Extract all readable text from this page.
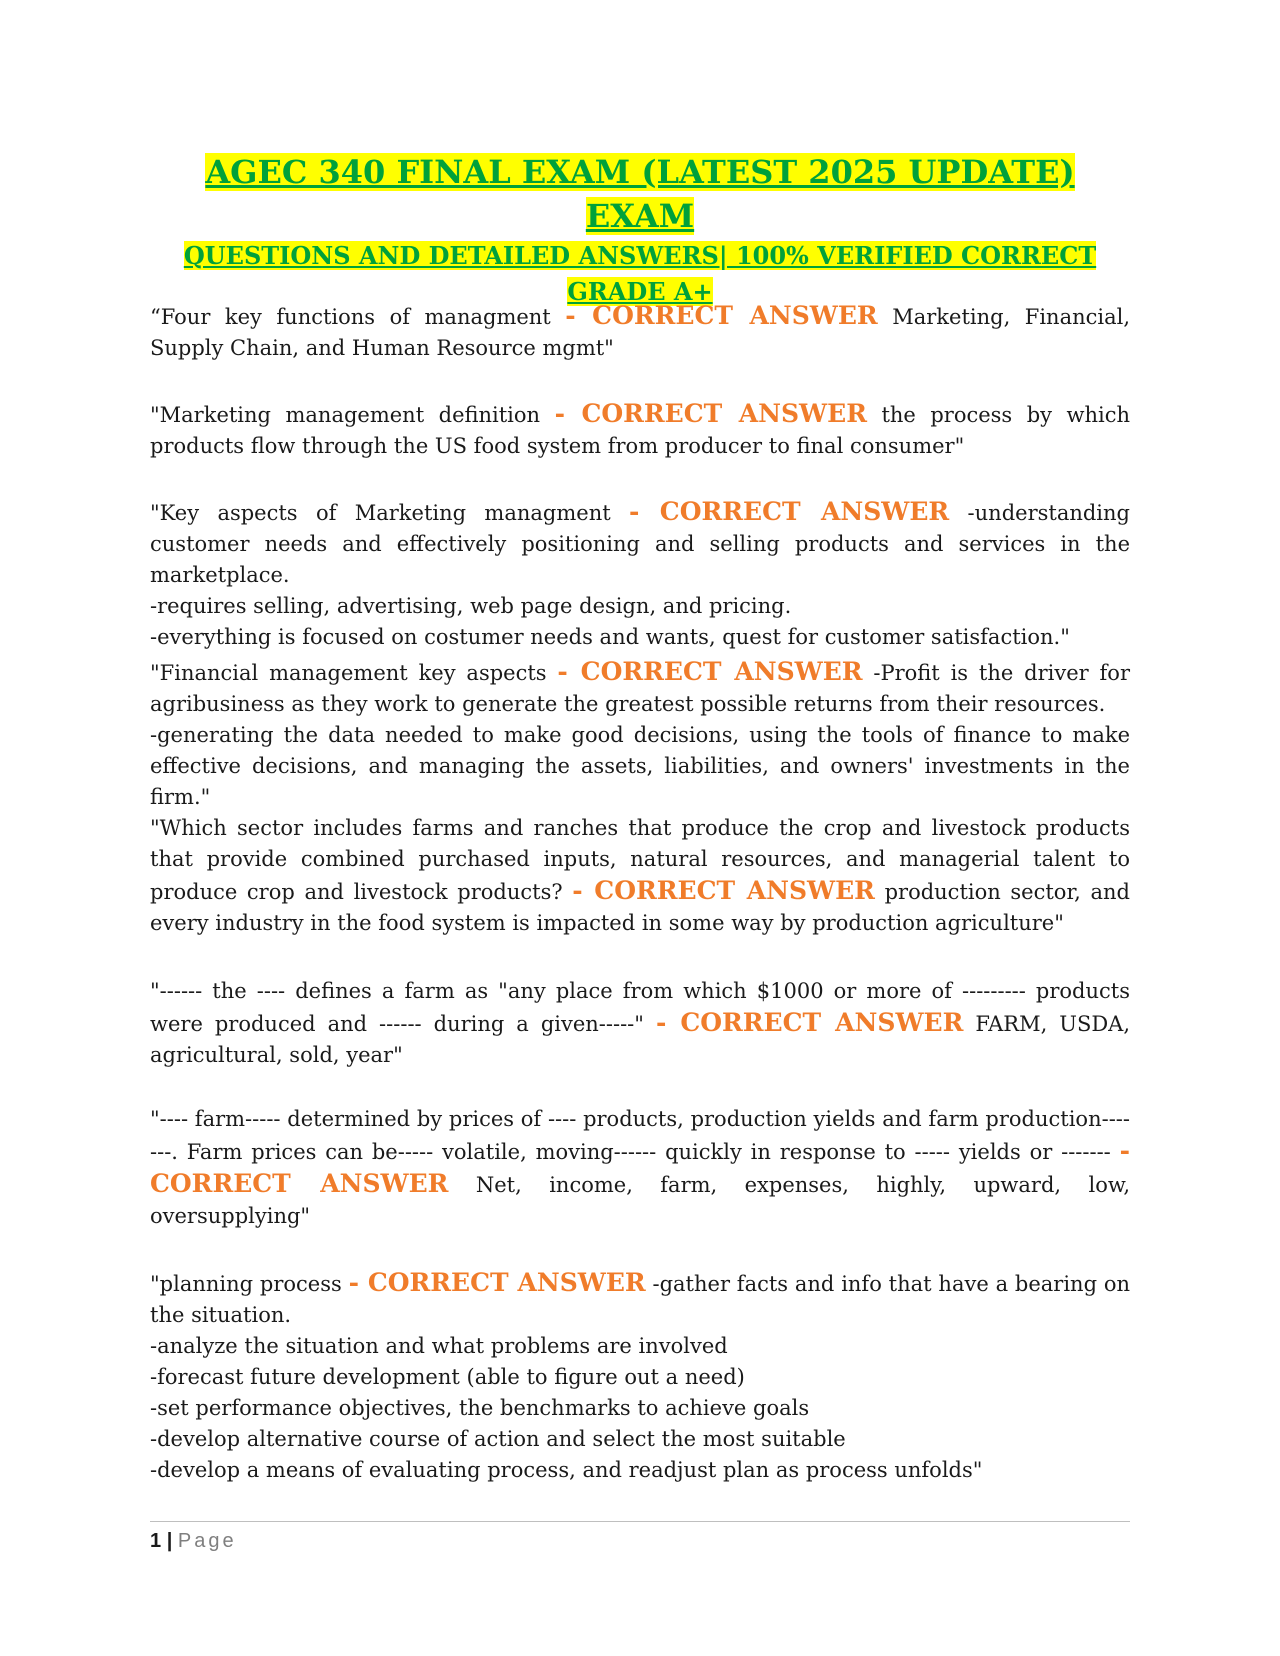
AGEC 340 FINAL EXAM (LATEST 2025 UPDATE) EXAM

QUESTIONS AND DETAILED ANSWERS| 100% VERIFIED CORRECT

GRADE A+

“Four key functions of managment - CORRECT ANSWER Marketing, Financial, Supply Chain, and Human Resource mgmt"

"Marketing management definition - CORRECT ANSWER the process by which products flow through the US food system from producer to final consumer"

"Key aspects of Marketing managment - CORRECT ANSWER -understanding customer needs and effectively positioning and selling products and services in the marketplace.
-requires selling, advertising, web page design, and pricing.
-everything is focused on costumer needs and wants, quest for customer satisfaction."

"Financial management key aspects - CORRECT ANSWER -Profit is the driver for agribusiness as they work to generate the greatest possible returns from their resources.
-generating the data needed to make good decisions, using the tools of finance to make effective decisions, and managing the assets, liabilities, and owners' investments in the firm."

"Which sector includes farms and ranches that produce the crop and livestock products that provide combined purchased inputs, natural resources, and managerial talent to produce crop and livestock products? - CORRECT ANSWER production sector, and every industry in the food system is impacted in some way by production agriculture"

"------ the ---- defines a farm as "any place from which $1000 or more of --------- products were produced and ------ during a given-----" - CORRECT ANSWER FARM, USDA, agricultural, sold, year"

"---- farm----- determined by prices of ---- products, production yields and farm production-------. Farm prices can be----- volatile, moving------ quickly in response to ----- yields or ------- - CORRECT ANSWER Net, income, farm, expenses, highly, upward, low, oversupplying"

"planning process - CORRECT ANSWER -gather facts and info that have a bearing on the situation.
-analyze the situation and what problems are involved
-forecast future development (able to figure out a need)
-set performance objectives, the benchmarks to achieve goals
-develop alternative course of action and select the most suitable
-develop a means of evaluating process, and readjust plan as process unfolds"

1 | Page
